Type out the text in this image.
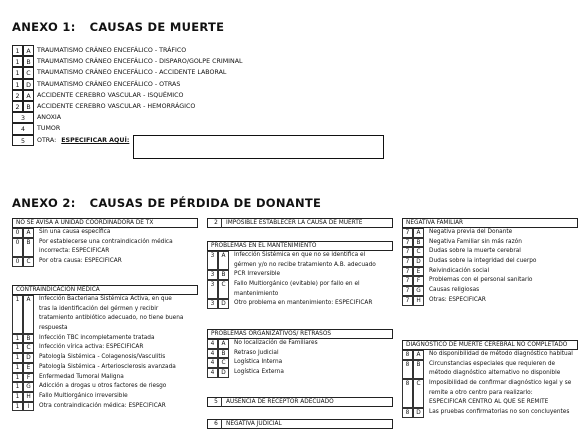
ANEXO 1: CAUSAS DE MUERTE
1	A	TRAUMATISMO CRÁNEO ENCEFÁLICO - TRÁFICO
1	B	TRAUMATISMO CRÁNEO ENCEFÁLICO - DISPARO/GOLPE CRIMINAL
1	C TRAUMATISMO CRÁNEO ENCEFÁLICO - ACCIDENTE LABORAL
1	D TRAUMATISMO CRÁNEO ENCEFÁLICO - OTRAS
2	A	ACCIDENTE CEREBRO VASCULAR - ISQUÉMICO
2	B	ACCIDENTE CEREBRO VASCULAR - HEMORRÁGICO
3	ANOXIA
4	TUMOR
5	OTRA: ESPECIFICAR AQUÍ:
ANEXO 2: CAUSAS DE PÉRDIDA DE DONANTE
NO SE AVISA A UNIDAD COORDINADORA DE TX
0	A	Sin una causa específica
0	B	Por establecerse una contraindicación médica
incorrecta: ESPECIFICAR
0	C	Por otra causa: ESPECIFICAR
CONTRAINDICACIÓN MÉDICA
1	A	Infección Bacteriana Sistémica Activa, en que
tras la identificación del gérmen y recibir
tratamiento antibiótico adecuado, no tiene buena
respuesta
1	B	Infección TBC incompletamente tratada
1	C	Infección vírica activa: ESPECIFICAR
1	D	Patología Sistémica - Colagenosis/Vasculitis
1	E	Patología Sistémica - Arteriosclerosis avanzada
1	F	Enfermedad Tumoral Maligna
1	G	Adicción a drogas u otros factores de riesgo
1	H	Fallo Multiorgánico irreversible
1	I	Otra contraindicación médica: ESPECIFICAR
2 IMPOSIBLE ESTABLECER LA CAUSA DE MUERTE
PROBLEMAS EN EL MANTENIMIENTO
3	A	Infección Sistémica en que no se identifica el
gérmen y/o no recibe tratamiento A.B. adecuado
3	B	PCR Irreversible
3	C	Fallo Multiorgánico (evitable) por fallo en el
mantenimiento
3	D	Otro problema en mantenimiento: ESPECIFICAR
PROBLEMAS ORGANIZATIVOS/ RETRASOS
4	A	No localización de Familiares
4	B	Retraso Judicial
4	C	Logística Interna
4	D	Logística Externa
5 AUSENCIA DE RECEPTOR ADECUADO
6 NEGATIVA JUDICIAL
NEGATIVA FAMILIAR
7	A	Negativa previa del Donante
7	B	Negativa Familiar sin más razón
7	C	Dudas sobre la muerte cerebral
7	D	Dudas sobre la integridad del cuerpo
7	E	Reivindicación social
7	F	Problemas con el personal sanitario
7	G	Causas religiosas
7	H	Otras: ESPECIFICAR
DIAGNÓSTICO DE MUERTE CEREBRAL NO COMPLETADO
8	A	No disponibilidad de método diagnóstico habitual
8	B	Circunstancias especiales que requieren de
método diagnóstico alternativo no disponible
8	C	Imposibilidad de confirmar diagnóstico legal y se
remite a otro centro para realizarlo:
ESPECIFICAR CENTRO AL QUE SE REMITE
8	D	Las pruebas confirmatorias no son concluyentes
